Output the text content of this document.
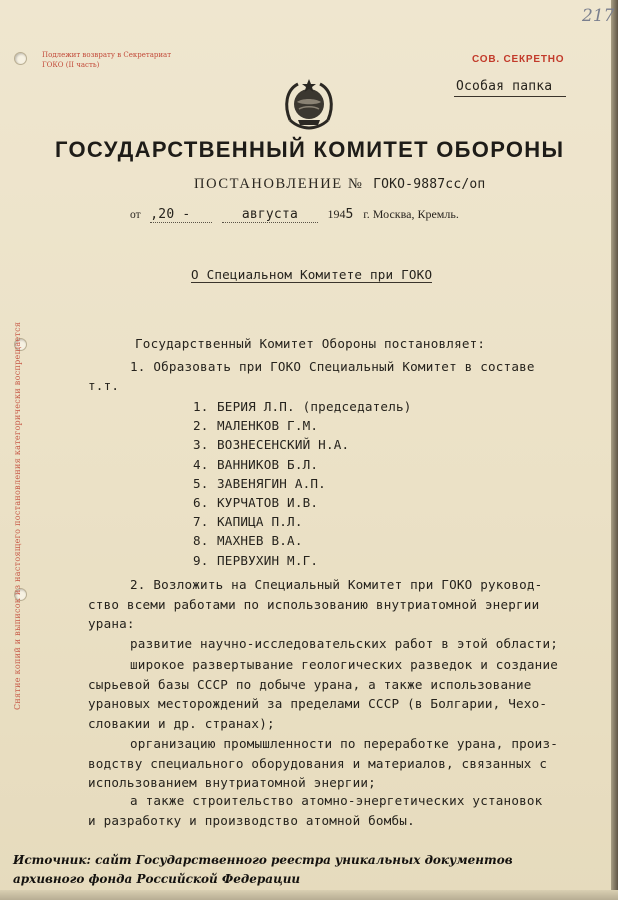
217
Подлежит возврату в Секретариат
ГОКО (II часть)	СОВ. СЕКРЕТНО
Особая папка
ГОСУДАРСТВЕННЫЙ КОМИТЕТ ОБОРОНЫ
ПОСТАНОВЛЕНИЕ № ГОКО-9887сс/оп
от ,20 -	августа 1945 г. Москва, Кремль.
О Специальном Комитете при ГОКО
Государственный Комитет Обороны постановляет:
1. Образовать при ГОКО Специальный Комитет в составе
т.т.
1. БЕРИЯ Л.П. (председатель)
2. МАЛЕНКОВ Г.М.
3. ВОЗНЕСЕНСКИЙ Н.А.
4. ВАННИКОВ Б.Л.
5. ЗАВЕНЯГИН А.П.
6. КУРЧАТОВ И.В.
7. КАПИЦА П.Л.
8. МАХНЕВ В.А.
9. ПЕРВУХИН М.Г.
2. Возложить на Специальный Комитет при ГОКО руковод-
ство всеми работами по использованию внутриатомной энергии
урана:
развитие научно-исследовательских работ в этой области;
широкое развертывание геологических разведок и создание
сырьевой базы СССР по добыче урана, а также использование
урановых месторождений за пределами СССР (в Болгарии, Чехо-
словакии и др. странах);
организацию промышленности по переработке урана, произ-
водству специального оборудования и материалов, связанных с
использованием внутриатомной энергии;
а также строительство атомно-энергетических установок
и разработку и производство атомной бомбы.
Снятие копий и выписок из настоящего постановления категорически воспрещается
Источник: сайт Государственного реестра уникальных документов
архивного фонда Российской Федерации
